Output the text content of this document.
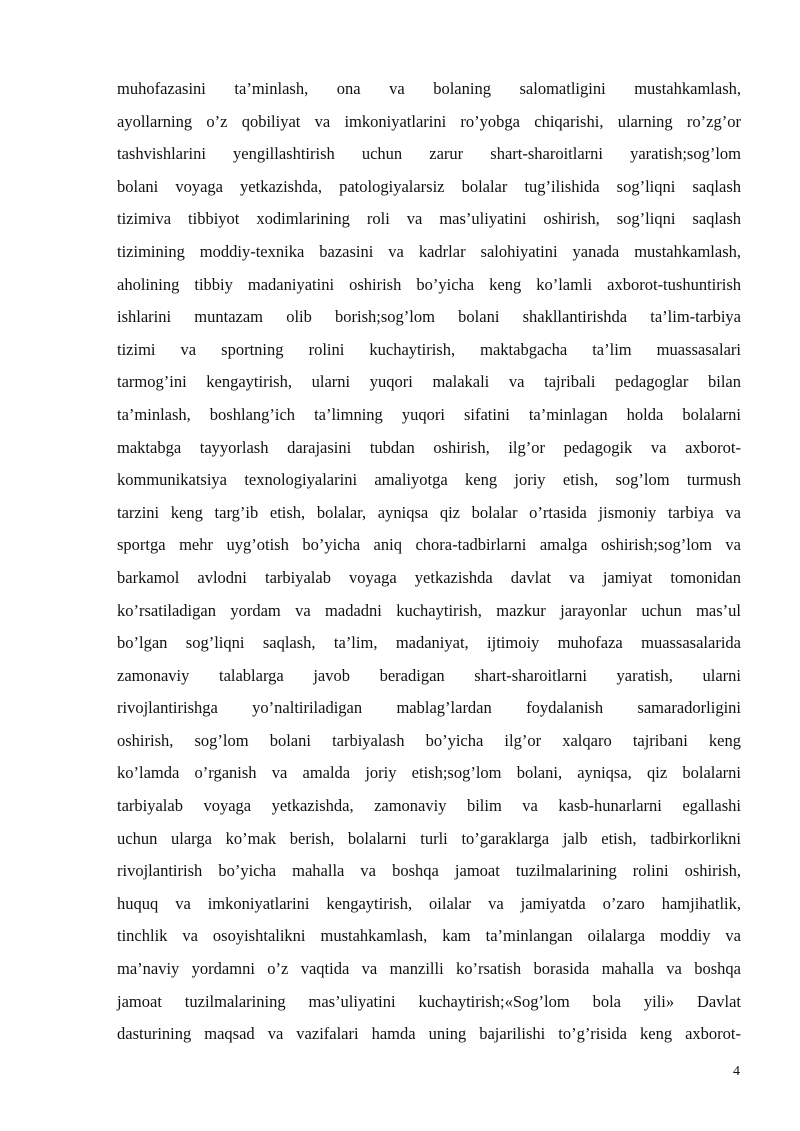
muhofazasini ta’minlash, ona va bolaning salomatligini mustahkamlash,
ayollarning o’z qobiliyat va imkoniyatlarini ro’yobga chiqarishi, ularning ro’zg’or
tashvishlarini yengillashtirish uchun zarur shart-sharoitlarni yaratish;sog’lom
bolani voyaga yetkazishda, patologiyalarsiz bolalar tug’ilishida sog’liqni saqlash
tizimiva tibbiyot xodimlarining roli va mas’uliyatini oshirish, sog’liqni saqlash
tizimining moddiy-texnika bazasini va kadrlar salohiyatini yanada mustahkamlash,
aholining tibbiy madaniyatini oshirish bo’yicha keng ko’lamli axborot-tushuntirish
ishlarini muntazam olib borish;sog’lom bolani shakllantirishda ta’lim-tarbiya
tizimi va sportning rolini kuchaytirish, maktabgacha ta’lim muassasalari
tarmog’ini kengaytirish, ularni yuqori malakali va tajribali pedagoglar bilan
ta’minlash, boshlang’ich ta’limning yuqori sifatini ta’minlagan holda bolalarni
maktabga tayyorlash darajasini tubdan oshirish, ilg’or pedagogik va axborot-
kommunikatsiya texnologiyalarini amaliyotga keng joriy etish, sog’lom turmush
tarzini keng targ’ib etish, bolalar, ayniqsa qiz bolalar o’rtasida jismoniy tarbiya va
sportga mehr uyg’otish bo’yicha aniq chora-tadbirlarni amalga oshirish;sog’lom va
barkamol avlodni tarbiyalab voyaga yetkazishda davlat va jamiyat tomonidan
ko’rsatiladigan yordam va madadni kuchaytirish, mazkur jarayonlar uchun mas’ul
bo’lgan sog’liqni saqlash, ta’lim, madaniyat, ijtimoiy muhofaza muassasalarida
zamonaviy talablarga javob beradigan shart-sharoitlarni yaratish, ularni
rivojlantirishga yo’naltiriladigan mablag’lardan foydalanish samaradorligini
oshirish, sog’lom bolani tarbiyalash bo’yicha ilg’or xalqaro tajribani keng
ko’lamda o’rganish va amalda joriy etish;sog’lom bolani, ayniqsa, qiz bolalarni
tarbiyalab voyaga yetkazishda, zamonaviy bilim va kasb-hunarlarni egallashi
uchun ularga ko’mak berish, bolalarni turli to’garaklarga jalb etish, tadbirkorlikni
rivojlantirish bo’yicha mahalla va boshqa jamoat tuzilmalarining rolini oshirish,
huquq va imkoniyatlarini kengaytirish, oilalar va jamiyatda o’zaro hamjihatlik,
tinchlik va osoyishtalikni mustahkamlash, kam ta’minlangan oilalarga moddiy va
ma’naviy yordamni o’z vaqtida va manzilli ko’rsatish borasida mahalla va boshqa
jamoat tuzilmalarining mas’uliyatini kuchaytirish;«Sog’lom bola yili» Davlat
dasturining maqsad va vazifalari hamda uning bajarilishi to’g’risida keng axborot-
4
